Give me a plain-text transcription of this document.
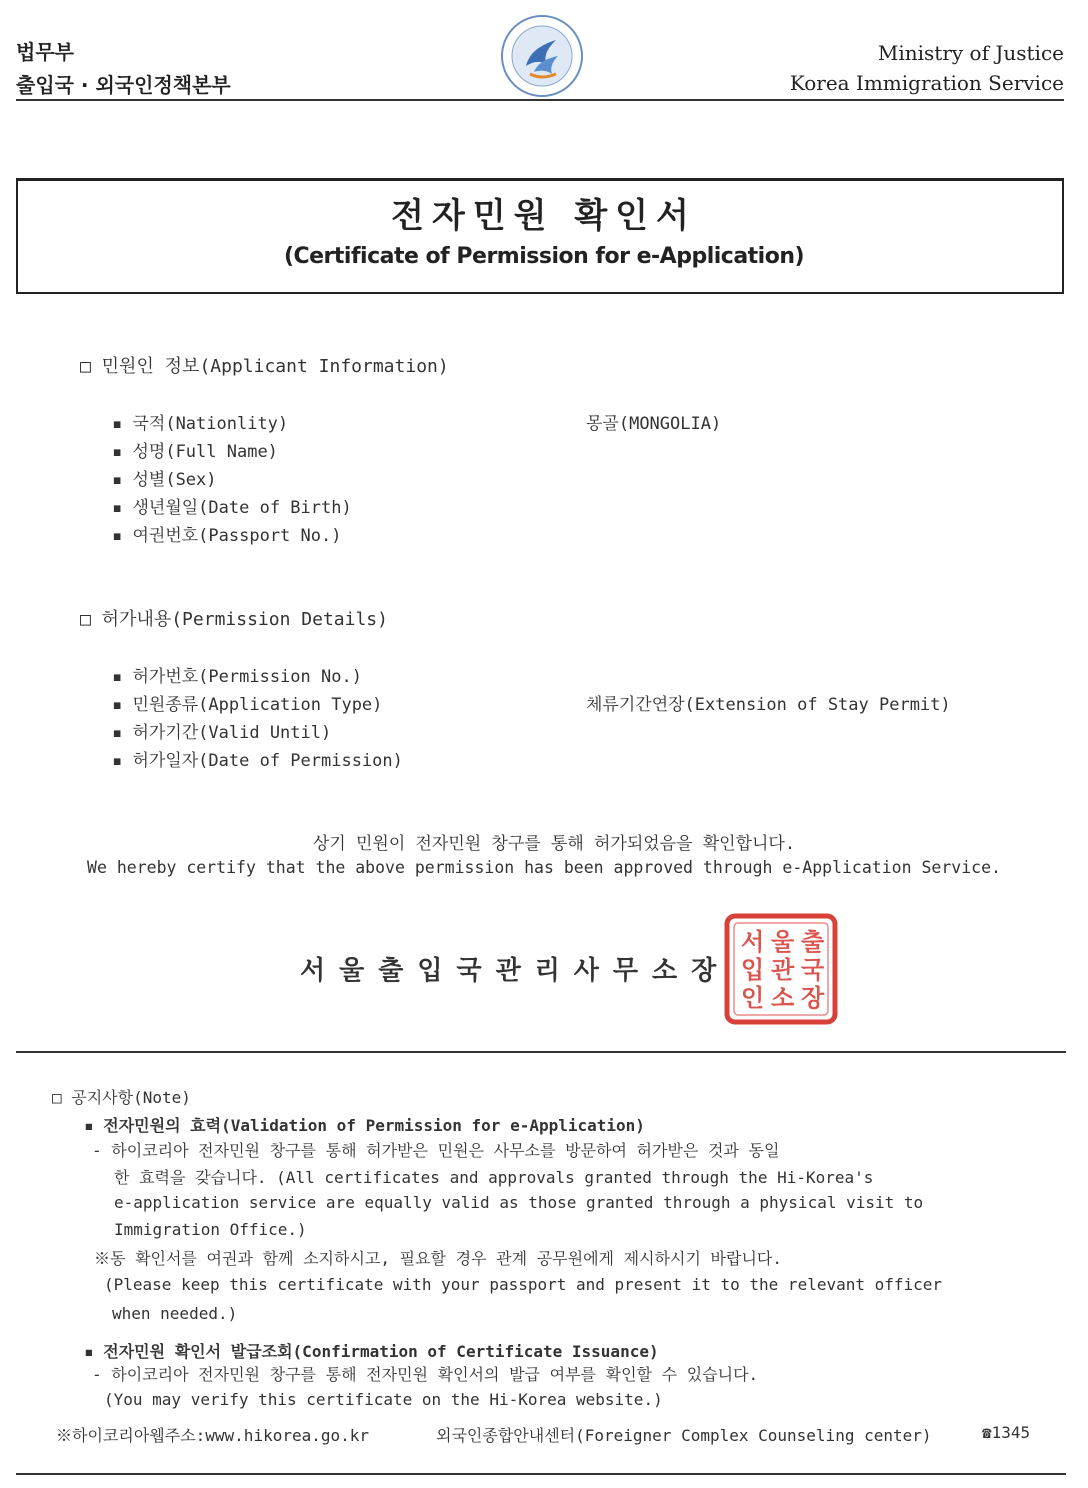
법무부
출입국 · 외국인정책본부
Ministry of Justice
Korea Immigration Service
전자민원 확인서
(Certificate of Permission for e-Application)
□ 민원인 정보(Applicant Information)
▪ 국적(Nationlity)	몽골(MONGOLIA)
▪ 성명(Full Name)
▪ 성별(Sex)
▪ 생년월일(Date of Birth)
▪ 여권번호(Passport No.)
□ 허가내용(Permission Details)
▪ 허가번호(Permission No.)
▪ 민원종류(Application Type)	체류기간연장(Extension of Stay Permit)
▪ 허가기간(Valid Until)
▪ 허가일자(Date of Permission)
상기 민원이 전자민원 창구를 통해 허가되었음을 확인합니다.
We hereby certify that the above permission has been approved through e-Application Service.
서울출입국관리사무소장
출
국
장
울
관
소
서
입
인
□ 공지사항(Note)
▪ 전자민원의 효력(Validation of Permission for e-Application)
- 하이코리아 전자민원 창구를 통해 허가받은 민원은 사무소를 방문하여 허가받은 것과 동일
한 효력을 갖습니다. (All certificates and approvals granted through the Hi-Korea's
e-application service are equally valid as those granted through a physical visit to
Immigration Office.)
※동 확인서를 여권과 함께 소지하시고, 필요할 경우 관계 공무원에게 제시하시기 바랍니다.
(Please keep this certificate with your passport and present it to the relevant officer
when needed.)
▪ 전자민원 확인서 발급조회(Confirmation of Certificate Issuance)
- 하이코리아 전자민원 창구를 통해 전자민원 확인서의 발급 여부를 확인할 수 있습니다.
(You may verify this certificate on the Hi-Korea website.)
※하이코리아웹주소:www.hikorea.go.kr	외국인종합안내센터(Foreigner Complex Counseling center)	☎1345
